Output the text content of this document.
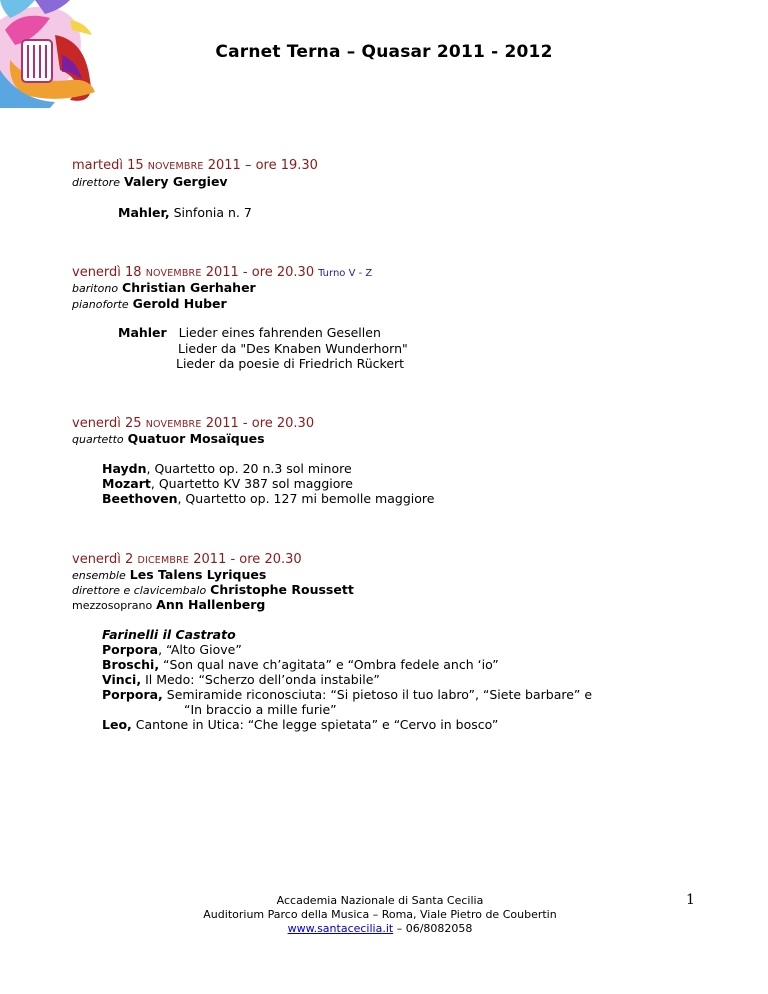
Carnet Terna – Quasar 2011 - 2012
martedì 15 NOVEMBRE 2011 – ore 19.30
direttore Valery Gergiev
Mahler, Sinfonia n. 7
venerdì 18 NOVEMBRE 2011 - ore 20.30 Turno V - Z
baritono Christian Gerhaher
pianoforte Gerold Huber
Mahler   Lieder eines fahrenden Gesellen
Lieder da "Des Knaben Wunderhorn"
Lieder da poesie di Friedrich Rückert
venerdì 25 NOVEMBRE 2011 - ore 20.30
quartetto Quatuor Mosaïques
Haydn, Quartetto op. 20 n.3 sol minore
Mozart, Quartetto KV 387 sol maggiore
Beethoven, Quartetto op. 127 mi bemolle maggiore
venerdì 2 DICEMBRE 2011 - ore 20.30
ensemble Les Talens Lyriques
direttore e clavicembalo Christophe Roussett
mezzosoprano Ann Hallenberg
Farinelli il Castrato
Porpora, “Alto Giove”
Broschi, “Son qual nave ch’agitata” e “Ombra fedele anch ‘io”
Vinci, Il Medo: “Scherzo dell’onda instabile”
Porpora, Semiramide riconosciuta: “Si pietoso il tuo labro”, “Siete barbare” e
“In braccio a mille furie”
Leo, Cantone in Utica: “Che legge spietata” e “Cervo in bosco”
Accademia Nazionale di Santa Cecilia
Auditorium Parco della Musica – Roma, Viale Pietro de Coubertin
www.santacecilia.it – 06/8082058
1
